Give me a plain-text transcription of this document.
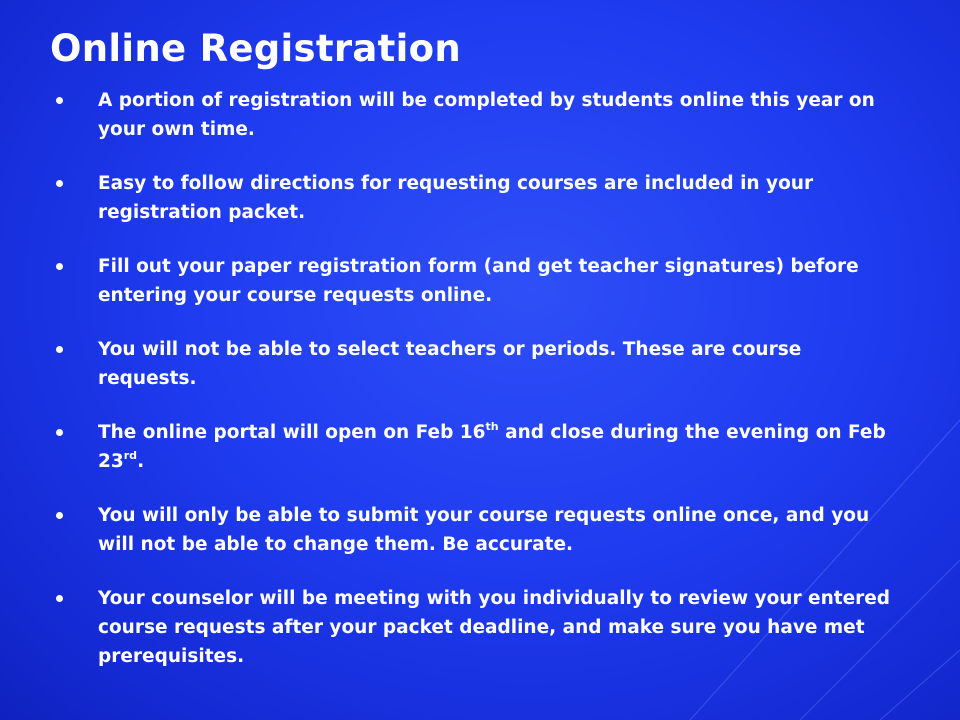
Online Registration
A portion of registration will be completed by students online this year on your own time.
Easy to follow directions for requesting courses are included in your registration packet.
Fill out your paper registration form (and get teacher signatures) before entering your course requests online.
You will not be able to select teachers or periods. These are course requests.
The online portal will open on Feb 16th and close during the evening on Feb 23rd.
You will only be able to submit your course requests online once, and you will not be able to change them. Be accurate.
Your counselor will be meeting with you individually to review your entered course requests after your packet deadline, and make sure you have met prerequisites.
